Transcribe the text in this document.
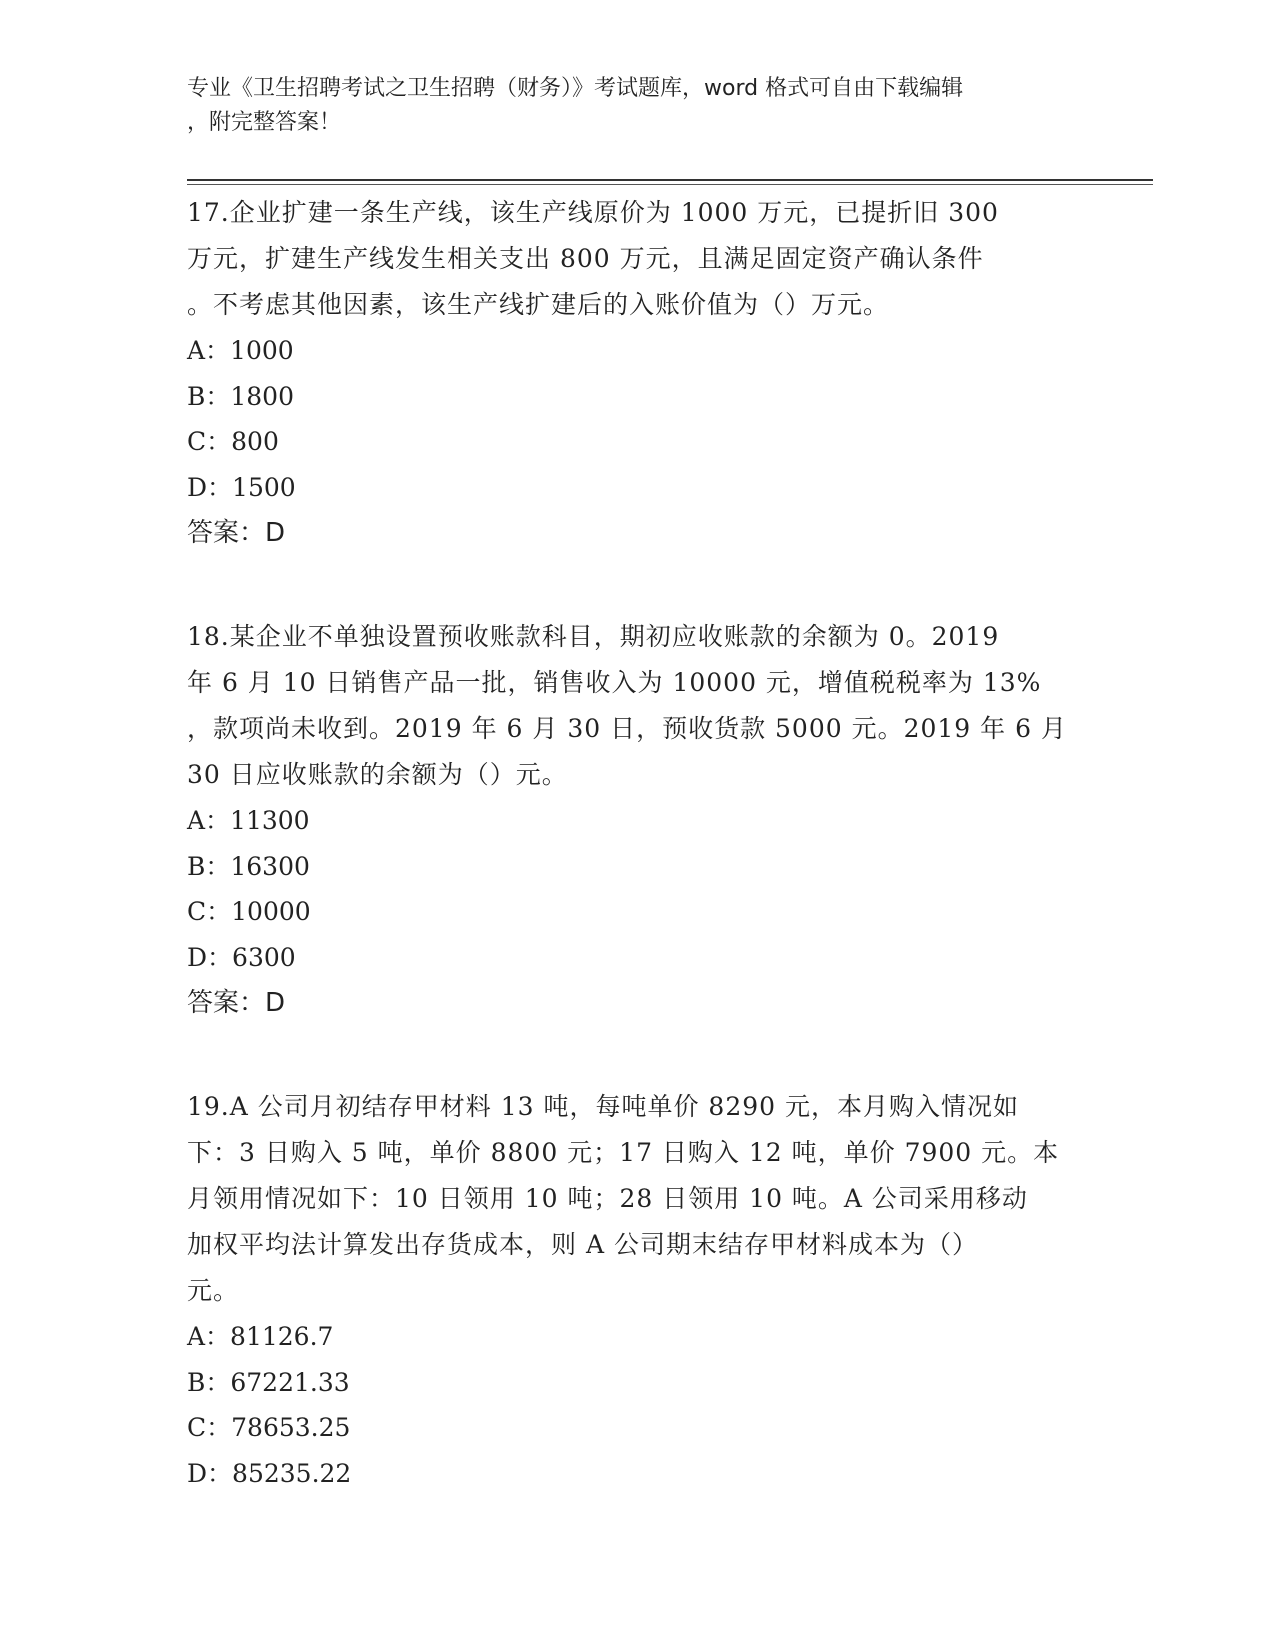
专业《卫生招聘考试之卫生招聘（财务）》考试题库，word 格式可自由下载编辑
，附完整答案！

17.企业扩建一条生产线，该生产线原价为 1000 万元，已提折旧 300
万元，扩建生产线发生相关支出 800 万元，且满足固定资产确认条件
。不考虑其他因素，该生产线扩建后的入账价值为（）万元。

A：1000

B：1800

C：800

D：1500

答案：D

18.某企业不单独设置预收账款科目，期初应收账款的余额为 0。2019
年 6 月 10 日销售产品一批，销售收入为 10000 元，增值税税率为 13%
，款项尚未收到。2019 年 6 月 30 日，预收货款 5000 元。2019 年 6 月
30 日应收账款的余额为（）元。

A：11300

B：16300

C：10000

D：6300

答案：D

19.A 公司月初结存甲材料 13 吨，每吨单价 8290 元，本月购入情况如
下：3 日购入 5 吨，单价 8800 元；17 日购入 12 吨，单价 7900 元。本
月领用情况如下：10 日领用 10 吨；28 日领用 10 吨。A 公司采用移动
加权平均法计算发出存货成本，则 A 公司期末结存甲材料成本为（）
元。

A：81126.7

B：67221.33

C：78653.25

D：85235.22
